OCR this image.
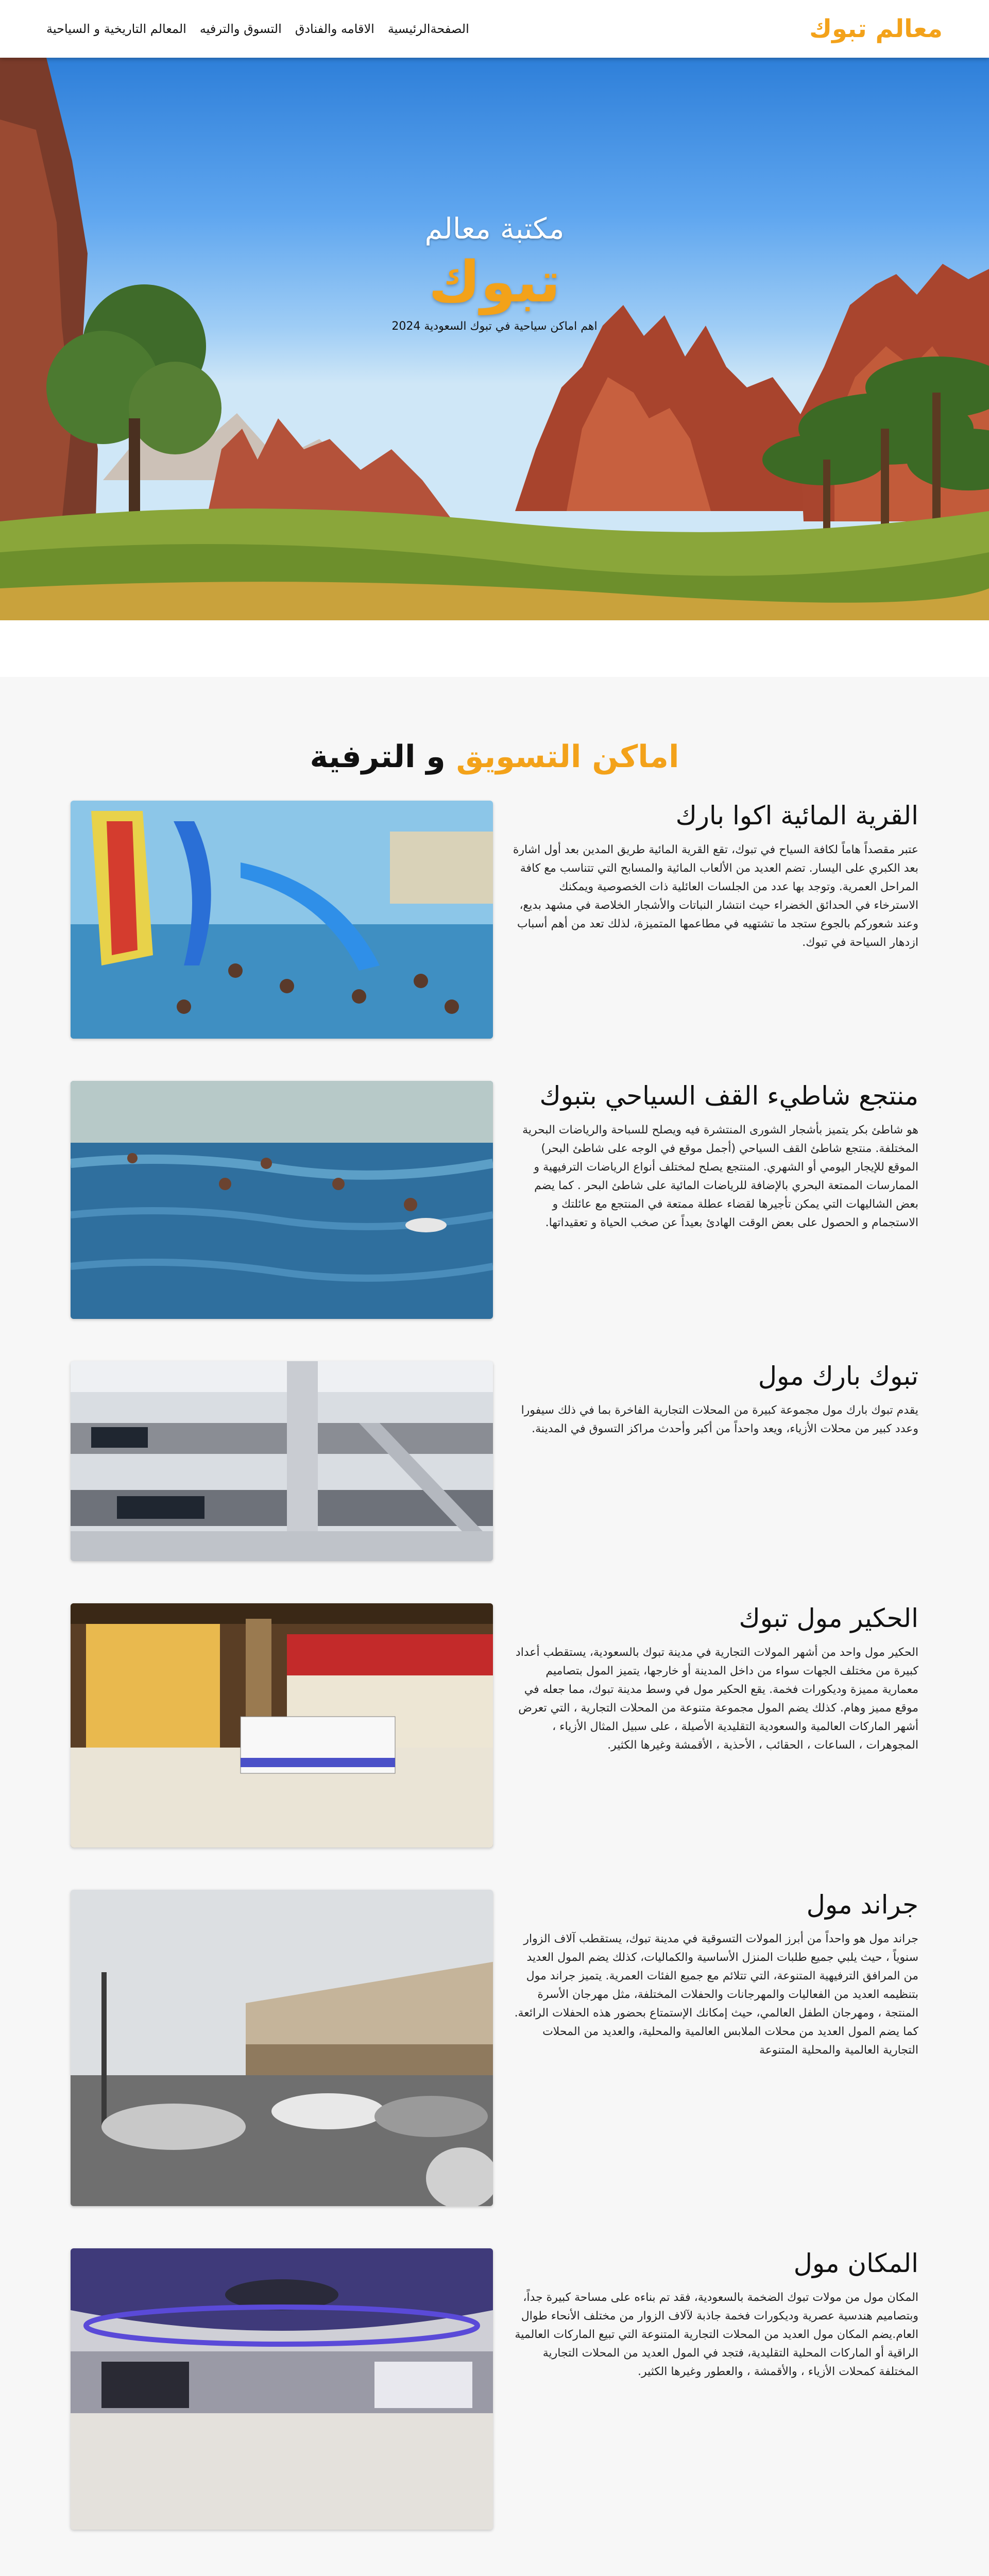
معالم تبوك
الصفحةالرئيسية
الاقامه والفنادق
التسوق والترفيه
المعالم التاريخية و السياحية
مكتبة معالم
تبوك
اهم اماكن سياحية في تبوك السعودية 2024
اماكن التسويق و الترفية
القرية المائية اكوا بارك

عتبر مقصداً هاماً لكافة السياح في تبوك، تقع القرية المائية طريق المدين بعد أول اشارة بعد الكبري على اليسار. تضم العديد من الألعاب المائية والمسابح التي تتناسب مع كافة المراحل العمرية. وتوجد بها عدد من الجلسات العائلية ذات الخصوصية ويمكنك الاسترخاء في الحدائق الخضراء حيث انتشار النباتات والأشجار الخلاصة في مشهد بديع، وعند شعوركم بالجوع ستجد ما تشتهيه في مطاعمها المتميزة، لذلك تعد من أهم أسباب ازدهار السياحة في تبوك.

منتجع شاطيء القف السياحي بتبوك

هو شاطئ بكر يتميز بأشجار الشورى المنتشرة فيه ويصلح للسباحة والرياضات البحرية المختلفة. منتجع شاطئ القف السياحي (أجمل موقع في الوجه على شاطئ البحر) الموقع للإيجار اليومي أو الشهري. المنتجع يصلح لمختلف أنواع الرياضات الترفيهية و الممارسات الممتعة البحري بالإضافة للرياضات المائية على شاطئ البحر . كما يضم بعض الشاليهات التي يمكن تأجيرها لقضاء عطلة ممتعة في المنتجع مع عائلتك و الاستجمام و الحصول على بعض الوقت الهادئ بعيداً عن صخب الحياة و تعقيداتها.

تبوك بارك مول

يقدم تبوك بارك مول مجموعة كبيرة من المحلات التجارية الفاخرة بما في ذلك سيفورا وعدد كبير من محلات الأزياء، ويعد واحداً من أكبر وأحدث مراكز التسوق في المدينة.

الحكير مول تبوك

الحكير مول واحد من أشهر المولات التجارية في مدينة تبوك بالسعودية، يستقطب أعداد كبيرة من مختلف الجهات سواء من داخل المدينة أو خارجها، يتميز المول بتصاميم معمارية مميزة وديكورات فخمة. يقع الحكير مول في وسط مدينة تبوك، مما جعله في موقع مميز وهام. كذلك يضم المول مجموعة متنوعة من المحلات التجارية ، التي تعرض أشهر الماركات العالمية والسعودية التقليدية الأصيلة ، على سبيل المثال الأزياء ، المجوهرات ، الساعات ، الحقائب ، الأحذية ، الأقمشة وغيرها الكثير.

جراند مول

جراند مول هو واحداً من أبرز المولات التسوقية في مدينة تبوك، يستقطب آلاف الزوار سنوياً ، حيث يلبي جميع طلبات المنزل الأساسية والكماليات، كذلك يضم المول العديد من المرافق الترفيهية المتنوعة، التي تتلائم مع جميع الفئات العمرية. يتميز جراند مول بتنظيمه العديد من الفعاليات والمهرجانات والحفلات المختلفة، مثل مهرجان الأسرة المنتجة ، ومهرجان الطفل العالمي، حيث إمكانك الإستمتاع بحضور هذه الحفلات الرائعة. كما يضم المول العديد من محلات الملابس العالمية والمحلية، والعديد من المحلات التجارية العالمية والمحلية المتنوعة

المكان مول

المكان مول من مولات تبوك الضخمة بالسعودية، فقد تم بناءه على مساحة كبيرة جداً، وبتصاميم هندسية عصرية وديكورات فخمة جاذبة لآلاف الزوار من مختلف الأنحاء طوال العام.يضم المكان مول العديد من المحلات التجارية المتنوعة التي تبيع الماركات العالمية الراقية أو الماركات المحلية التقليدية، فتجد في المول العديد من المحلات التجارية المختلفة كمحلات الأزياء ، والأقمشة ، والعطور وغيرها الكثير.
